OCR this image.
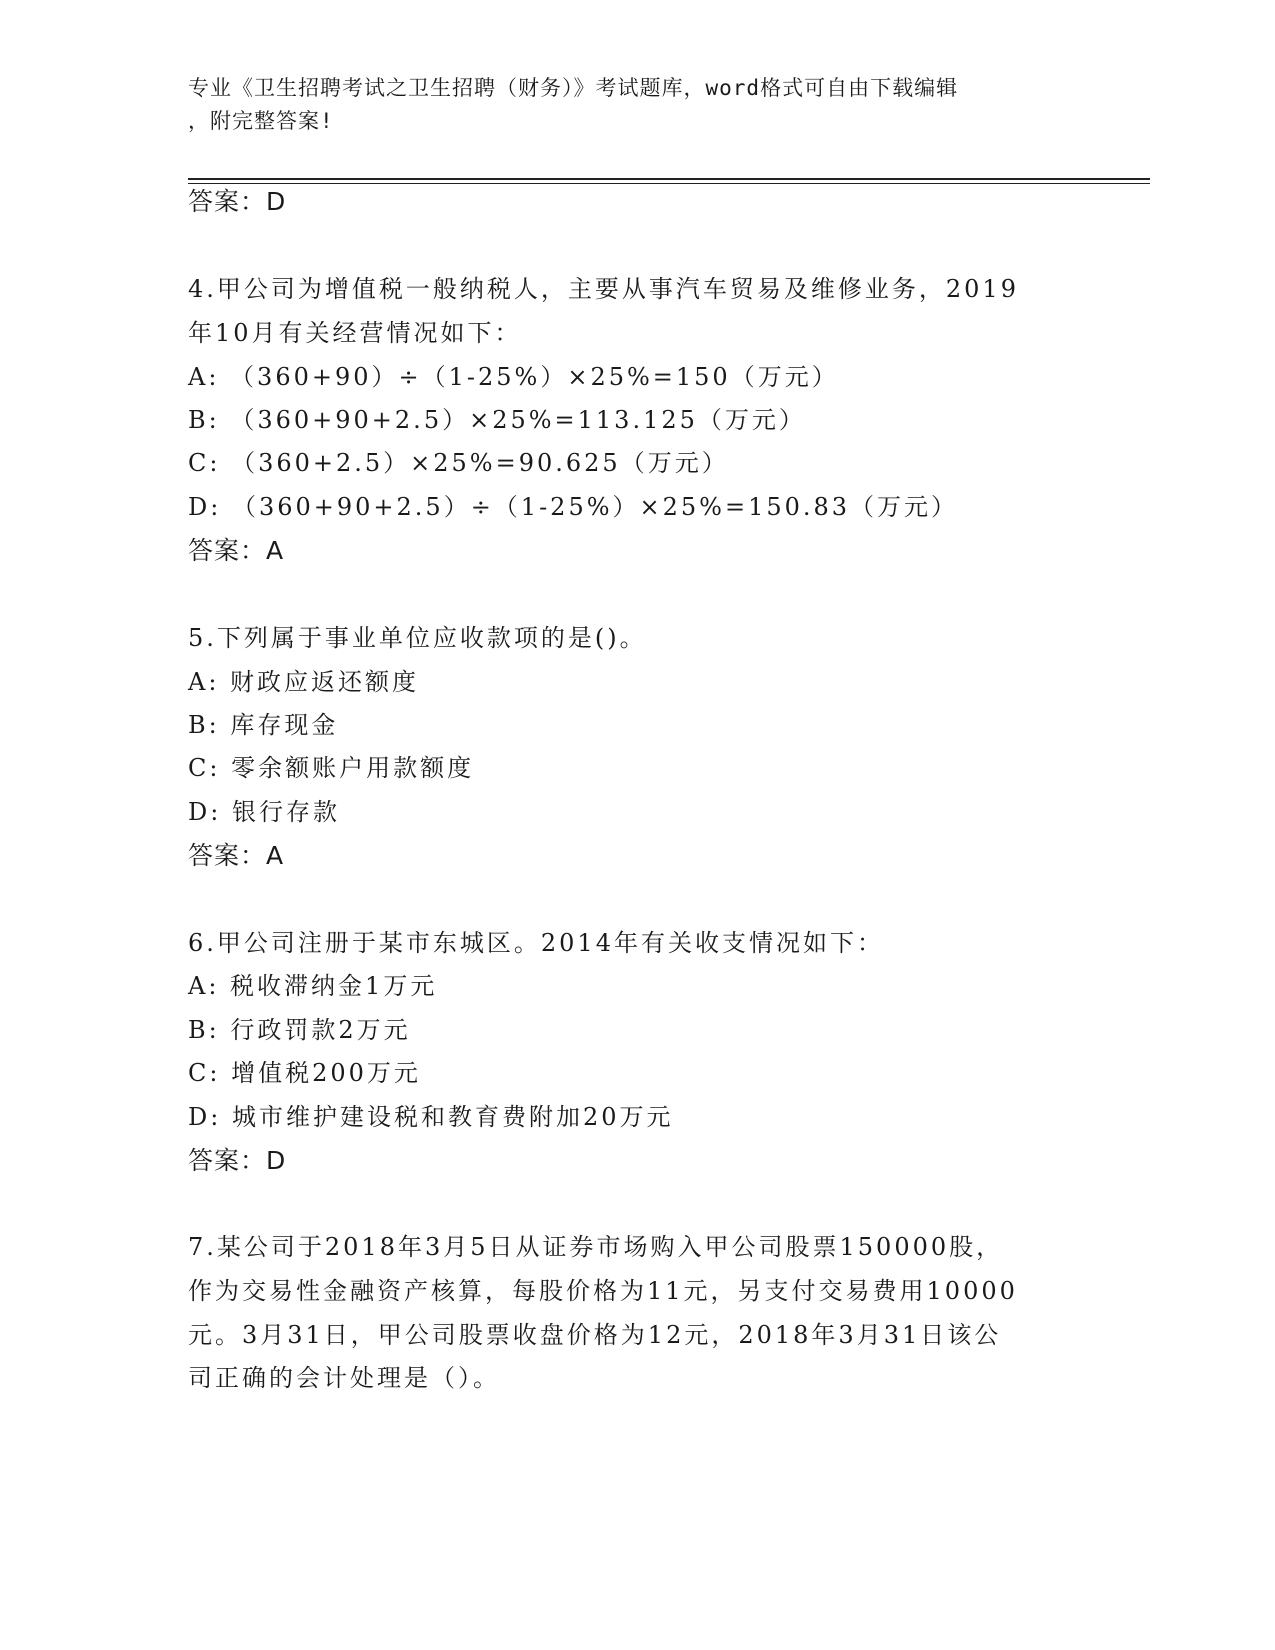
专业《卫生招聘考试之卫生招聘（财务）》考试题库，word格式可自由下载编辑
，附完整答案!
答案：D
4.甲公司为增值税一般纳税人，主要从事汽车贸易及维修业务，2019
年10月有关经营情况如下：
A: （360+90）÷（1-25%）×25%=150（万元）
B: （360+90+2.5）×25%=113.125（万元）
C: （360+2.5）×25%=90.625（万元）
D: （360+90+2.5）÷（1-25%）×25%=150.83（万元）
答案：A
5.下列属于事业单位应收款项的是()。
A: 财政应返还额度
B: 库存现金
C: 零余额账户用款额度
D: 银行存款
答案：A
6.甲公司注册于某市东城区。2014年有关收支情况如下：
A: 税收滞纳金1万元
B: 行政罚款2万元
C: 增值税200万元
D: 城市维护建设税和教育费附加20万元
答案：D
7.某公司于2018年3月5日从证券市场购入甲公司股票150000股，
作为交易性金融资产核算，每股价格为11元，另支付交易费用10000
元。3月31日，甲公司股票收盘价格为12元，2018年3月31日该公
司正确的会计处理是（）。
